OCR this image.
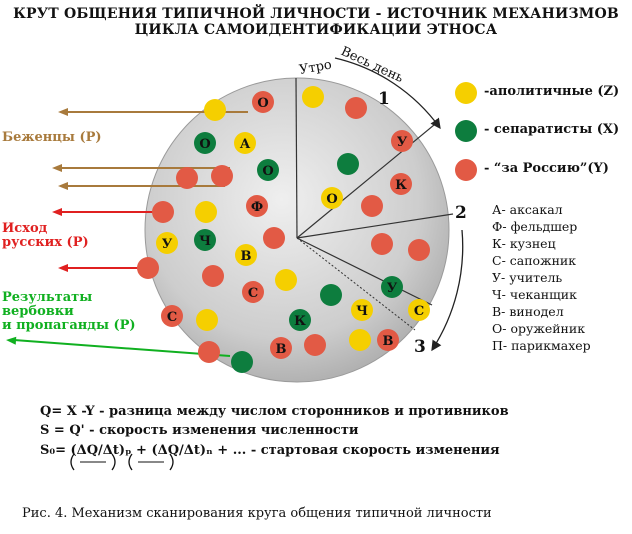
КРУТ ОБЩЕНИЯ ТИПИЧНОЙ ЛИЧНОСТИ - ИСТОЧНИК МЕХАНИЗМОВ
ЦИКЛА САМОИДЕНТИФИКАЦИИ ЭТНОСА
Утро Весь день
1
2
3
О
О А
О
У
К
Ф
О
Ч
У
В
С	У
С
С	К
Ч
В
В
-аполитичные (Z)
- сепаратисты (X)
- “за Россию”(Y)
А- аксакал
Ф- фельдшер
К- кузнец
С- сапожник
У- учитель
Ч- чеканщик
В- винодел
О- оружейник
П- парикмахер
Беженцы (P)
Исход
русских (P)
Результаты
вербовки
и пропаганды (P)
Q= X -Y - разница между числом сторонников и противников
S = Q' - скорость изменения численности
S₀= (ΔQ/Δt)ₚ + (ΔQ/Δt)ₙ + ... - стартовая скорость изменения
Рис. 4. Механизм сканирования круга общения типичной личности
